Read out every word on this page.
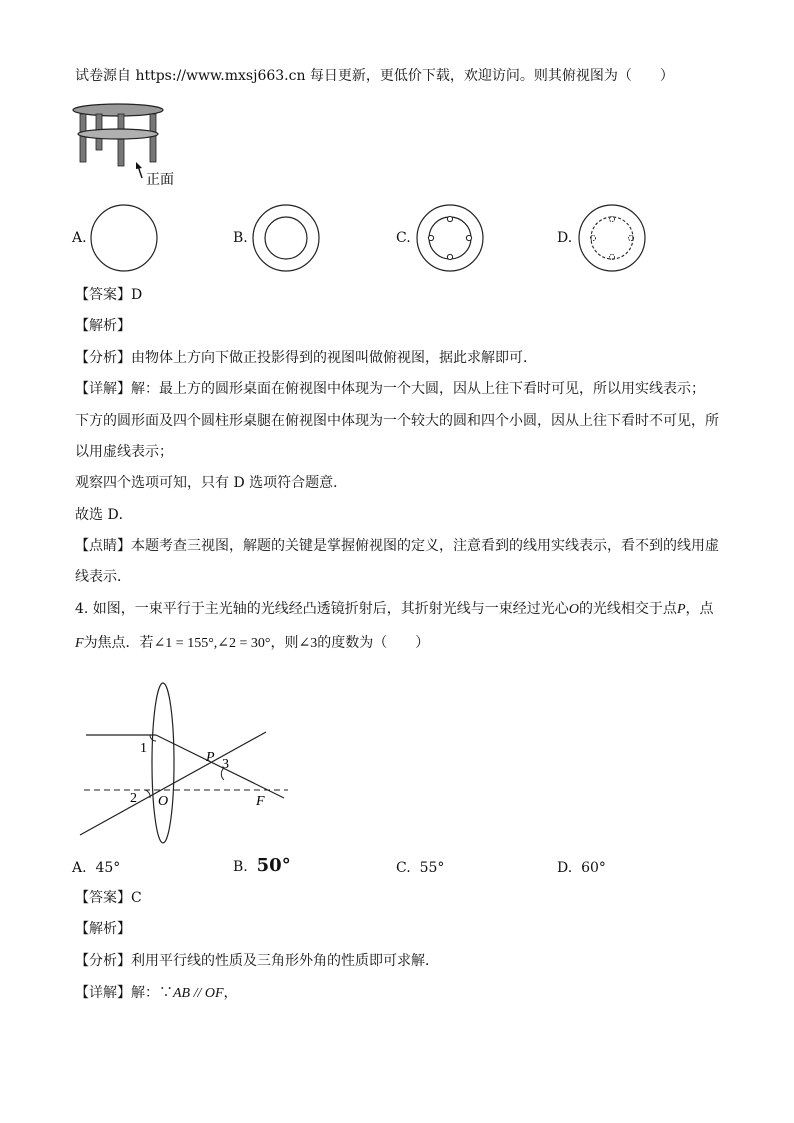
试卷源自 https://www.mxsj663.cn 每日更新，更低价下载，欢迎访问。则其俯视图为（　　）
正面
A.	B.	C.	D.
【答案】D
【解析】
【分析】由物体上方向下做正投影得到的视图叫做俯视图，据此求解即可．
【详解】解：最上方的圆形桌面在俯视图中体现为一个大圆，因从上往下看时可见，所以用实线表示；
下方的圆形面及四个圆柱形桌腿在俯视图中体现为一个较大的圆和四个小圆，因从上往下看时不可见，所
以用虚线表示；
观察四个选项可知，只有 D 选项符合题意．
故选 D．
【点睛】本题考查三视图，解题的关键是掌握俯视图的定义，注意看到的线用实线表示，看不到的线用虚
线表示．
4. 如图，一束平行于主光轴的光线经凸透镜折射后，其折射光线与一束经过光心O的光线相交于点P，点
F为焦点．若∠1 = 155°,∠2 = 30°，则∠3的度数为（　　）
1
2
3
P
O	F
A. 45°	B. 50°	C. 55°	D. 60°
【答案】C
【解析】
【分析】利用平行线的性质及三角形外角的性质即可求解．
【详解】解：∵AB // OF，
